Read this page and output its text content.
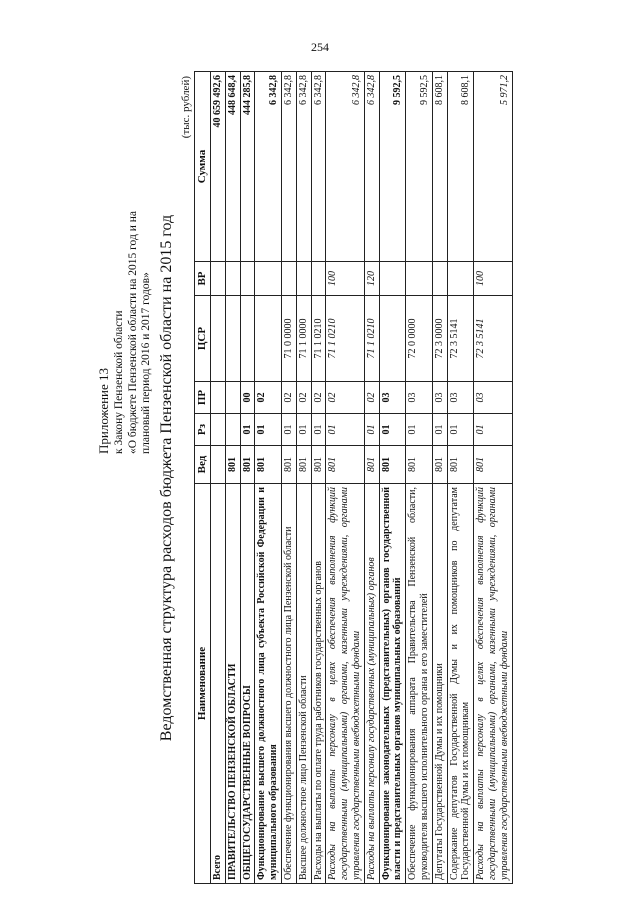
254
Приложение 13 к Закону Пензенской области «О бюджете Пензенской области на 2015 год и на плановый период 2016 и 2017 годов» Ведомственная структура расходов бюджета Пензенской области на 2015 год
(тыс. рублей)
Наименование	Вед	Рз	ПР	ЦСР	ВР	Сумма
Всего						40 659 492,6
ПРАВИТЕЛЬСТВО ПЕНЗЕНСКОЙ ОБЛАСТИ	801					448 648,4
ОБЩЕГОСУДАРСТВЕННЫЕ ВОПРОСЫ	801	01	00			444 285,8
Функционирование высшего должностного лица субъекта Российской Федерации и муниципального образования	801	01	02			6 342,8
Обеспечение функционирования высшего должностного лица Пензенской области	801	01	02	71 0 0000		6 342,8
Высшее должностное лицо Пензенской области	801	01	02	71 1 0000		6 342,8
Расходы на выплаты по оплате труда работников государственных органов	801	01	02	71 1 0210		6 342,8
Расходы на выплаты персоналу в целях обеспечения выполнения функций государственными (муниципальными) органами, казенными учреждениями, органами управления государственными внебюджетными фондами	801	01	02	71 1 0210	100	6 342,8
Расходы на выплаты персоналу государственных (муниципальных) органов	801	01	02	71 1 0210	120	6 342,8
Функционирование законодательных (представительных) органов государственной власти и представительных органов муниципальных образований	801	01	03			9 592,5
Обеспечение функционирования аппарата Правительства Пензенской области, руководителя высшего исполнительного органа и его заместителей	801	01	03	72 0 0000		9 592,5
Депутаты Государственной Думы и их помощники	801	01	03	72 3 0000		8 608,1
Содержание депутатов Государственной Думы и их помощников по депутатам Государственной Думы и их помощникам	801	01	03	72 3 5141		8 608,1
Расходы на выплаты персоналу в целях обеспечения выполнения функций государственными (муниципальными) органами, казенными учреждениями, органами управления государственными внебюджетными фондами	801	01	03	72 3 5141	100	5 971,2
